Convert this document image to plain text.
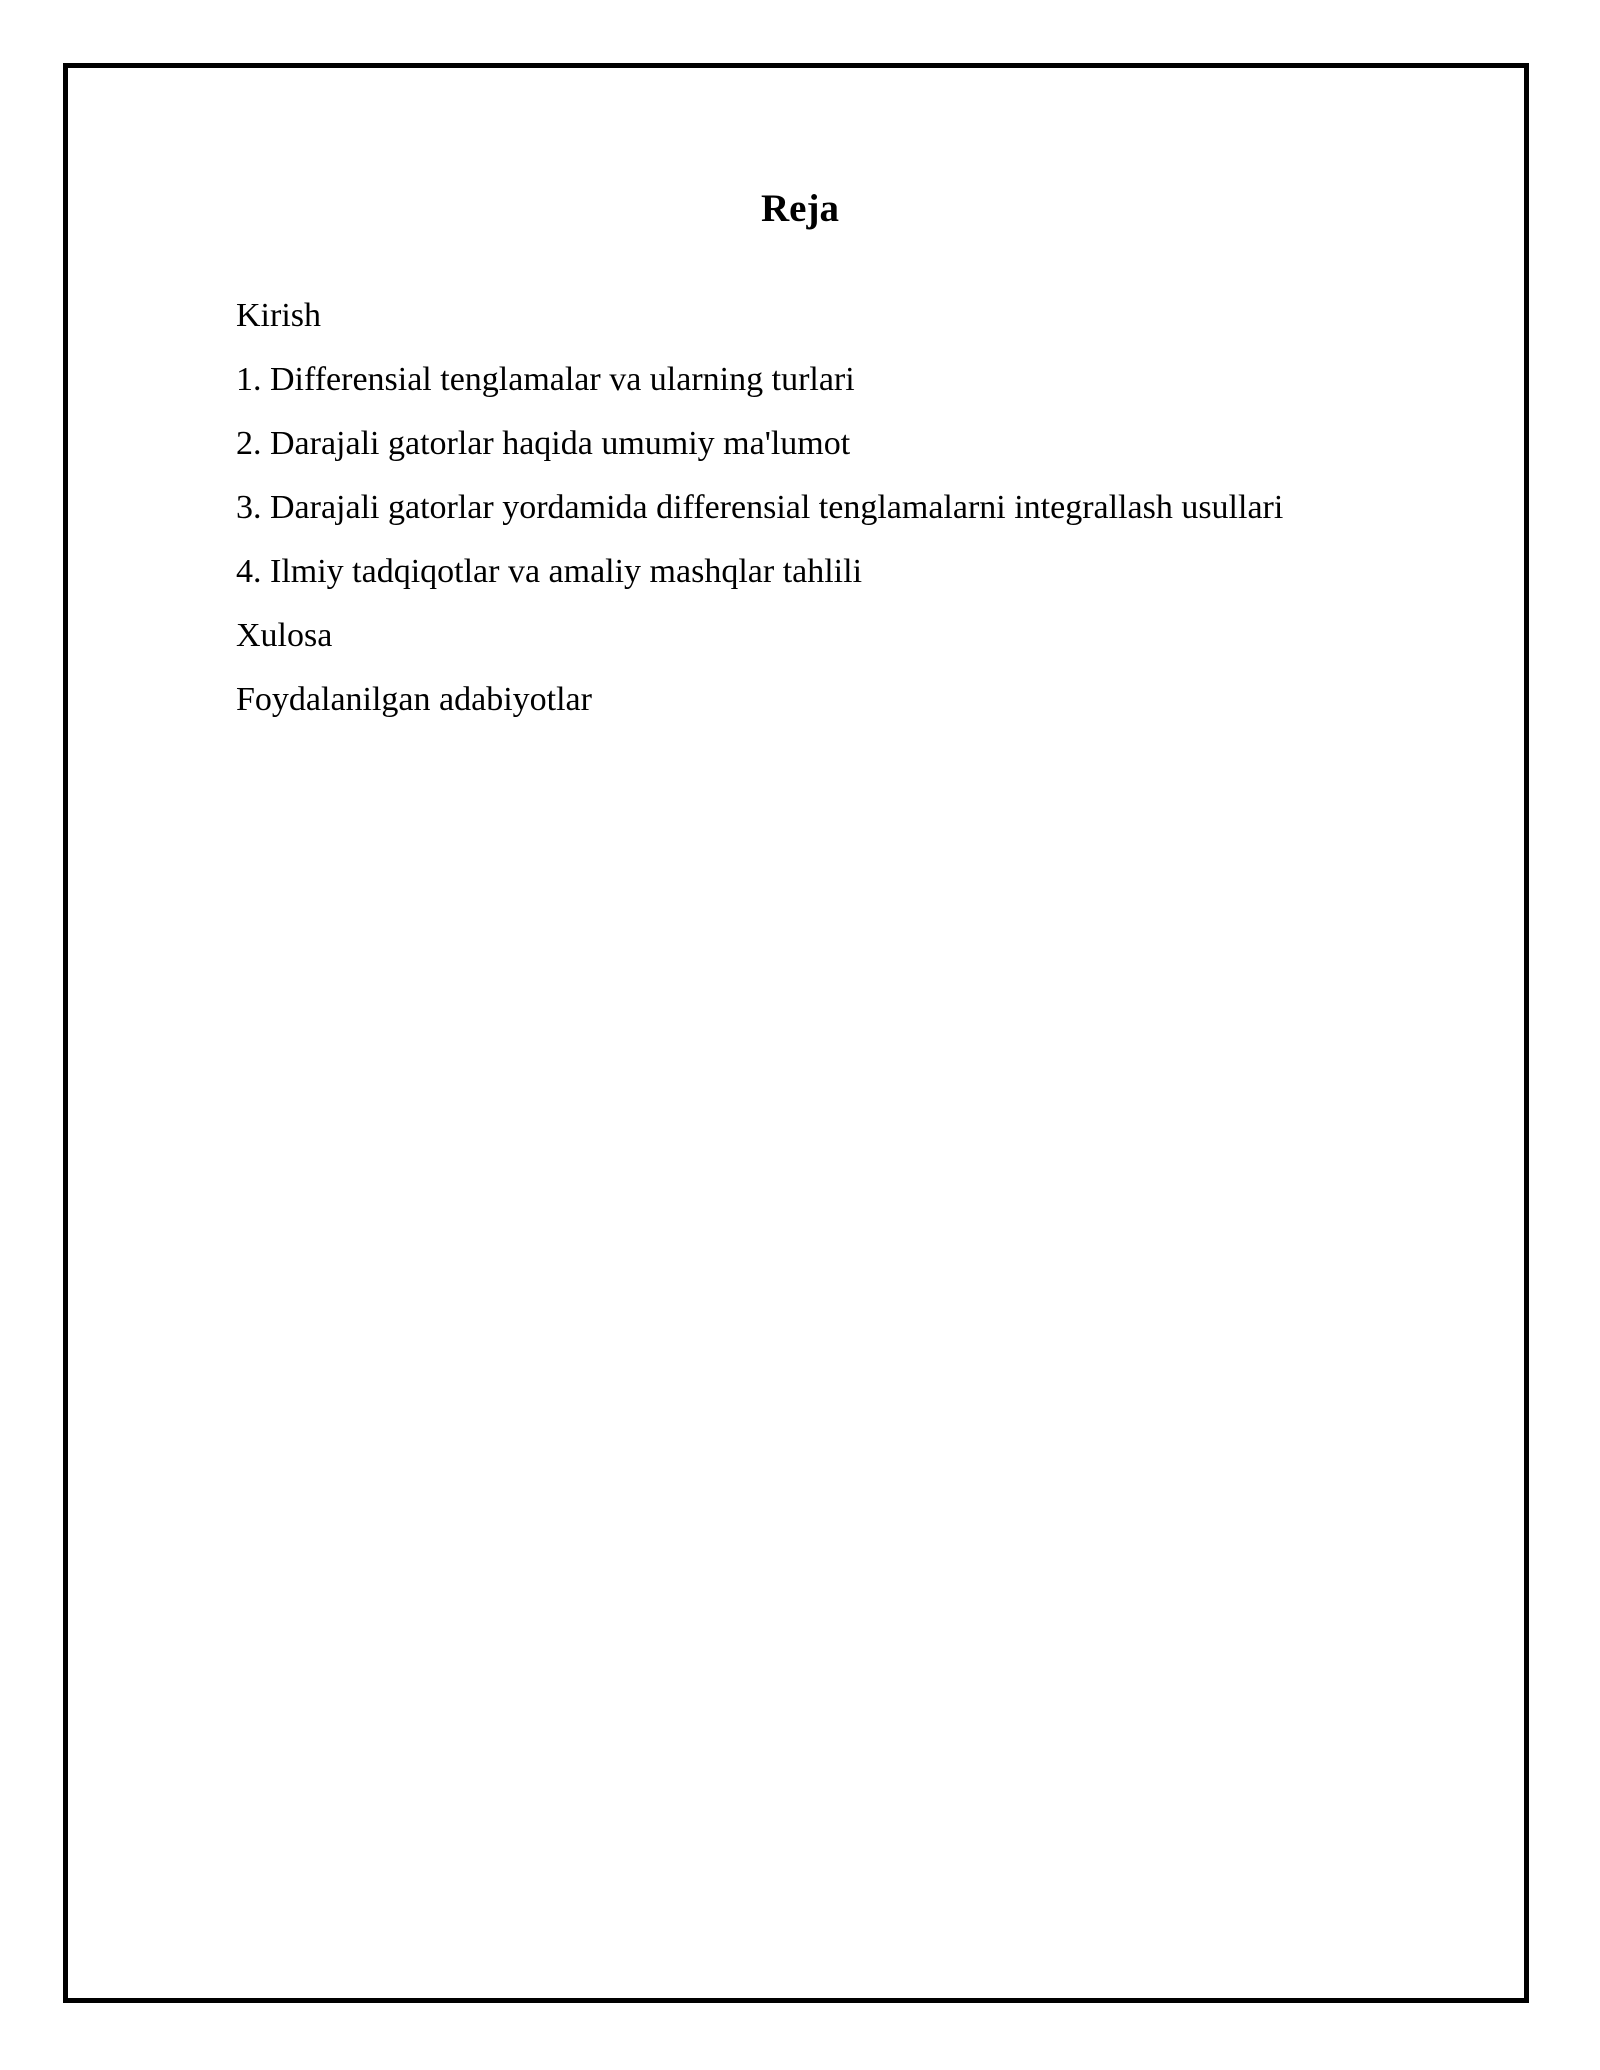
Reja
Kirish
1. Differensial tenglamalar va ularning turlari
2. Darajali gatorlar haqida umumiy ma'lumot
3. Darajali gatorlar yordamida differensial tenglamalarni integrallash usullari
4. Ilmiy tadqiqotlar va amaliy mashqlar tahlili
Xulosa
Foydalanilgan adabiyotlar
